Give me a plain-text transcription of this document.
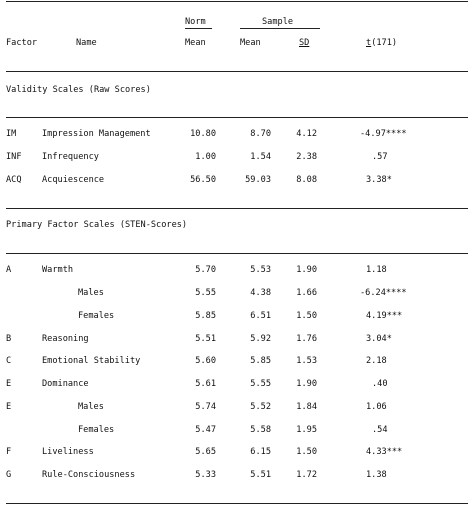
Norm	Sample
Factor	Name	Mean	Mean	SD	t(171)
Validity Scales (Raw Scores)
IM	Impression Management	10.80	8.70	4.12	-4.97****
INF Infrequency	1.00	1.54	2.38	.57
ACQ Acquiescence	56.50	59.03	8.08	3.38*
Primary Factor Scales (STEN-Scores)
A	Warmth	5.70	5.53	1.90	1.18
Males	5.55	4.38	1.66	-6.24****
Females	5.85	6.51	1.50	4.19***
B	Reasoning	5.51	5.92	1.76	3.04*
C	Emotional Stability	5.60	5.85	1.53	2.18
E	Dominance	5.61	5.55	1.90	.40
E	Males	5.74	5.52	1.84	1.06
Females	5.47	5.58	1.95	.54
F	Liveliness	5.65	6.15	1.50	4.33***
G	Rule-Consciousness	5.33	5.51	1.72	1.38
